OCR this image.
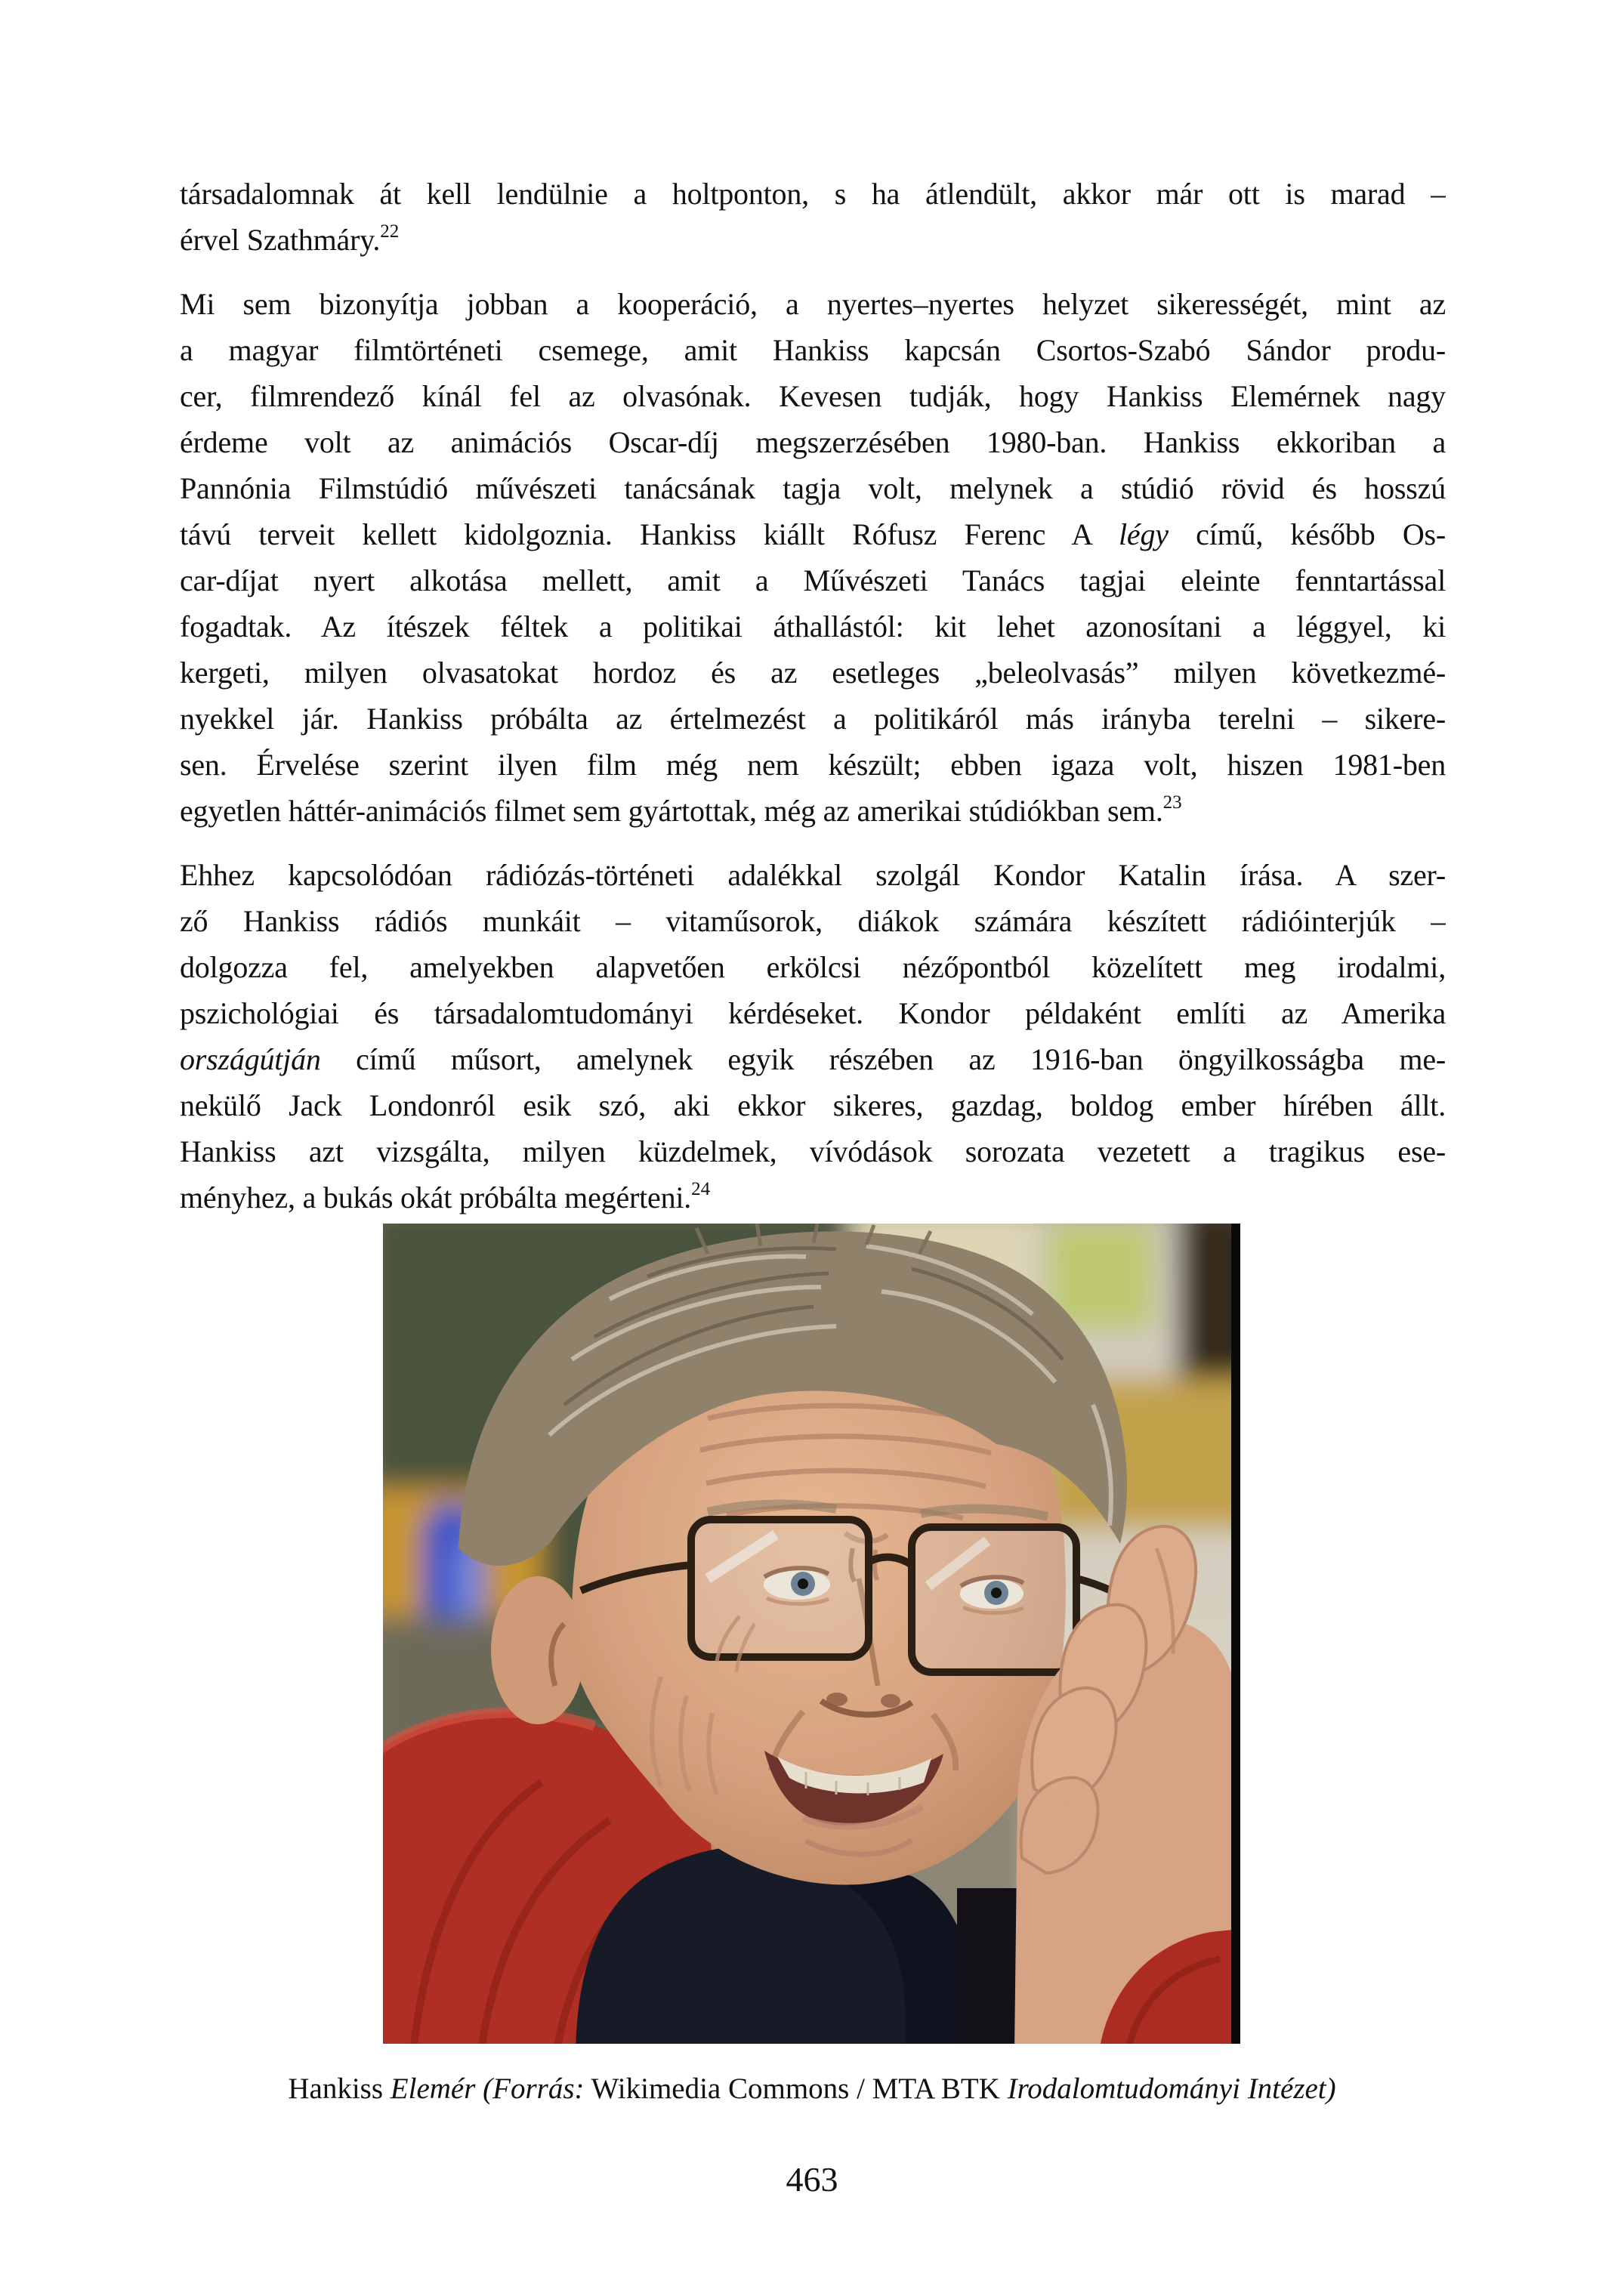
társadalomnak át kell lendülnie a holtponton, s ha átlendült, akkor már ott is marad –
érvel Szathmáry.$^{22}$
Mi sem bizonyítja jobban a kooperáció, a nyertes–nyertes helyzet sikerességét, mint az
a magyar filmtörténeti csemege, amit Hankiss kapcsán Csortos-Szabó Sándor produ-
cer, filmrendező kínál fel az olvasónak. Kevesen tudják, hogy Hankiss Elemérnek nagy
érdeme volt az animációs Oscar-díj megszerzésében 1980-ban. Hankiss ekkoriban a
Pannónia Filmstúdió művészeti tanácsának tagja volt, melynek a stúdió rövid és hosszú
távú terveit kellett kidolgoznia. Hankiss kiállt Rófusz Ferenc A légy című, később Os-
car-díjat nyert alkotása mellett, amit a Művészeti Tanács tagjai eleinte fenntartással
fogadtak. Az ítészek féltek a politikai áthallástól: kit lehet azonosítani a léggyel, ki
kergeti, milyen olvasatokat hordoz és az esetleges „beleolvasás” milyen következmé-
nyekkel jár. Hankiss próbálta az értelmezést a politikáról más irányba terelni – sikere-
sen. Érvelése szerint ilyen film még nem készült; ebben igaza volt, hiszen 1981-ben
egyetlen háttér-animációs filmet sem gyártottak, még az amerikai stúdiókban sem.$^{23}$
Ehhez kapcsolódóan rádiózás-történeti adalékkal szolgál Kondor Katalin írása. A szer-
ző Hankiss rádiós munkáit – vitaműsorok, diákok számára készített rádióinterjúk –
dolgozza fel, amelyekben alapvetően erkölcsi nézőpontból közelített meg irodalmi,
pszichológiai és társadalomtudományi kérdéseket. Kondor példaként említi az Amerika
országútján című műsort, amelynek egyik részében az 1916-ban öngyilkosságba me-
nekülő Jack Londonról esik szó, aki ekkor sikeres, gazdag, boldog ember hírében állt.
Hankiss azt vizsgálta, milyen küzdelmek, vívódások sorozata vezetett a tragikus ese-
ményhez, a bukás okát próbálta megérteni.$^{24}$
Hankiss Elemér (Forrás: Wikimedia Commons / MTA BTK Irodalomtudományi Intézet)
463
